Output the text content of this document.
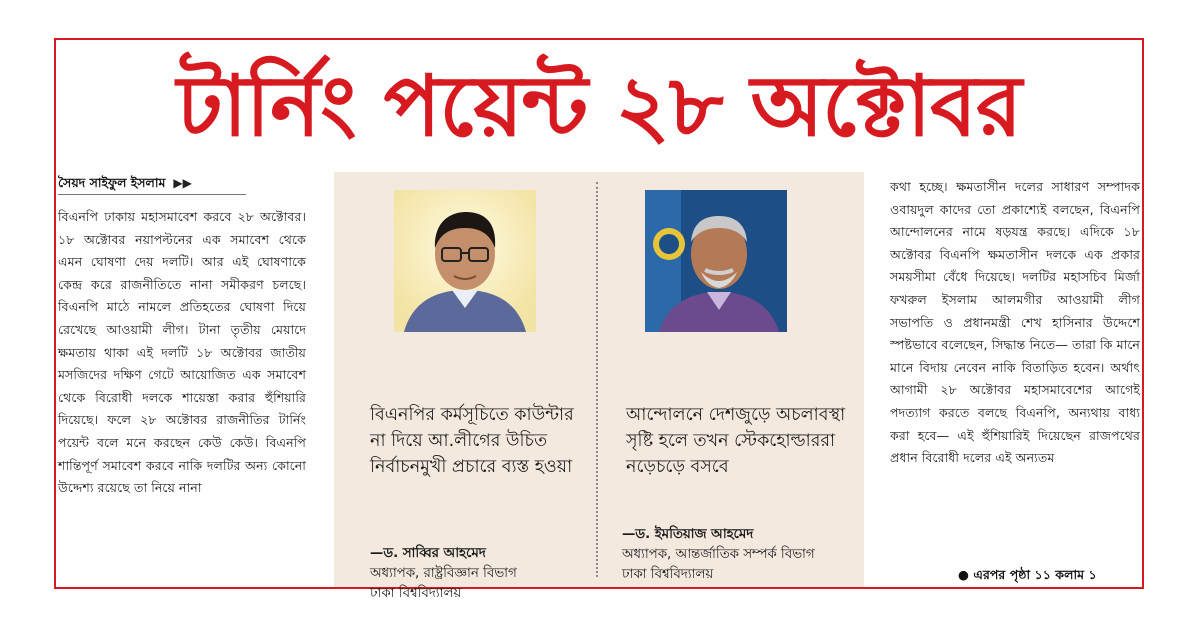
টার্নিং পয়েন্ট ২৮ অক্টোবর
সৈয়দ সাইফুল ইসলাম ▶▶
বিএনপি ঢাকায় মহাসমাবেশ করবে ২৮ অক্টোবর। ১৮ অক্টোবর নয়াপল্টনের এক সমাবেশ থেকে এমন ঘোষণা দেয় দলটি। আর এই ঘোষণাকে কেন্দ্র করে রাজনীতিতে নানা সমীকরণ চলছে। বিএনপি মাঠে নামলে প্রতিহতের ঘোষণা দিয়ে রেখেছে আওয়ামী লীগ। টানা তৃতীয় মেয়াদে ক্ষমতায় থাকা এই দলটি ১৮ অক্টোবর জাতীয় মসজিদের দক্ষিণ গেটে আয়োজিত এক সমাবেশ থেকে বিরোধী দলকে শায়েস্তা করার হুঁশিয়ারি দিয়েছে। ফলে ২৮ অক্টোবর রাজনীতির টার্নিং পয়েন্ট বলে মনে করছেন কেউ কেউ। বিএনপি শান্তিপূর্ণ সমাবেশ করবে নাকি দলটির অন্য কোনো উদ্দেশ্য রয়েছে তা নিয়ে নানা
বিএনপির কর্মসূচিতে কাউন্টার না দিয়ে আ.লীগের উচিত নির্বাচনমুখী প্রচারে ব্যস্ত হওয়া
—ড. সাব্বির আহমেদ
অধ্যাপক, রাষ্ট্রবিজ্ঞান বিভাগ
ঢাকা বিশ্ববিদ্যালয়
আন্দোলনে দেশজুড়ে অচলাবস্থা সৃষ্টি হলে তখন স্টেকহোল্ডাররা নড়েচড়ে বসবে
—ড. ইমতিয়াজ আহমেদ
অধ্যাপক, আন্তর্জাতিক সম্পর্ক বিভাগ
ঢাকা বিশ্ববিদ্যালয়
কথা হচ্ছে। ক্ষমতাসীন দলের সাধারণ সম্পাদক ওবায়দুল কাদের তো প্রকাশ্যেই বলছেন, বিএনপি আন্দোলনের নামে ষড়যন্ত্র করছে। এদিকে ১৮ অক্টোবর বিএনপি ক্ষমতাসীন দলকে এক প্রকার সময়সীমা বেঁধে দিয়েছে। দলটির মহাসচিব মির্জা ফখরুল ইসলাম আলমগীর আওয়ামী লীগ সভাপতি ও প্রধানমন্ত্রী শেখ হাসিনার উদ্দেশে স্পষ্টভাবে বলেছেন, সিদ্ধান্ত নিতে— তারা কি মানে মানে বিদায় নেবেন নাকি বিতাড়িত হবেন। অর্থাৎ আগামী ২৮ অক্টোবর মহাসমাবেশের আগেই পদত্যাগ করতে বলছে বিএনপি, অন্যথায় বাধ্য করা হবে— এই হুঁশিয়ারিই দিয়েছেন রাজপথের প্রধান বিরোধী দলের এই অন্যতম
● এরপর পৃষ্ঠা ১১ কলাম ১
